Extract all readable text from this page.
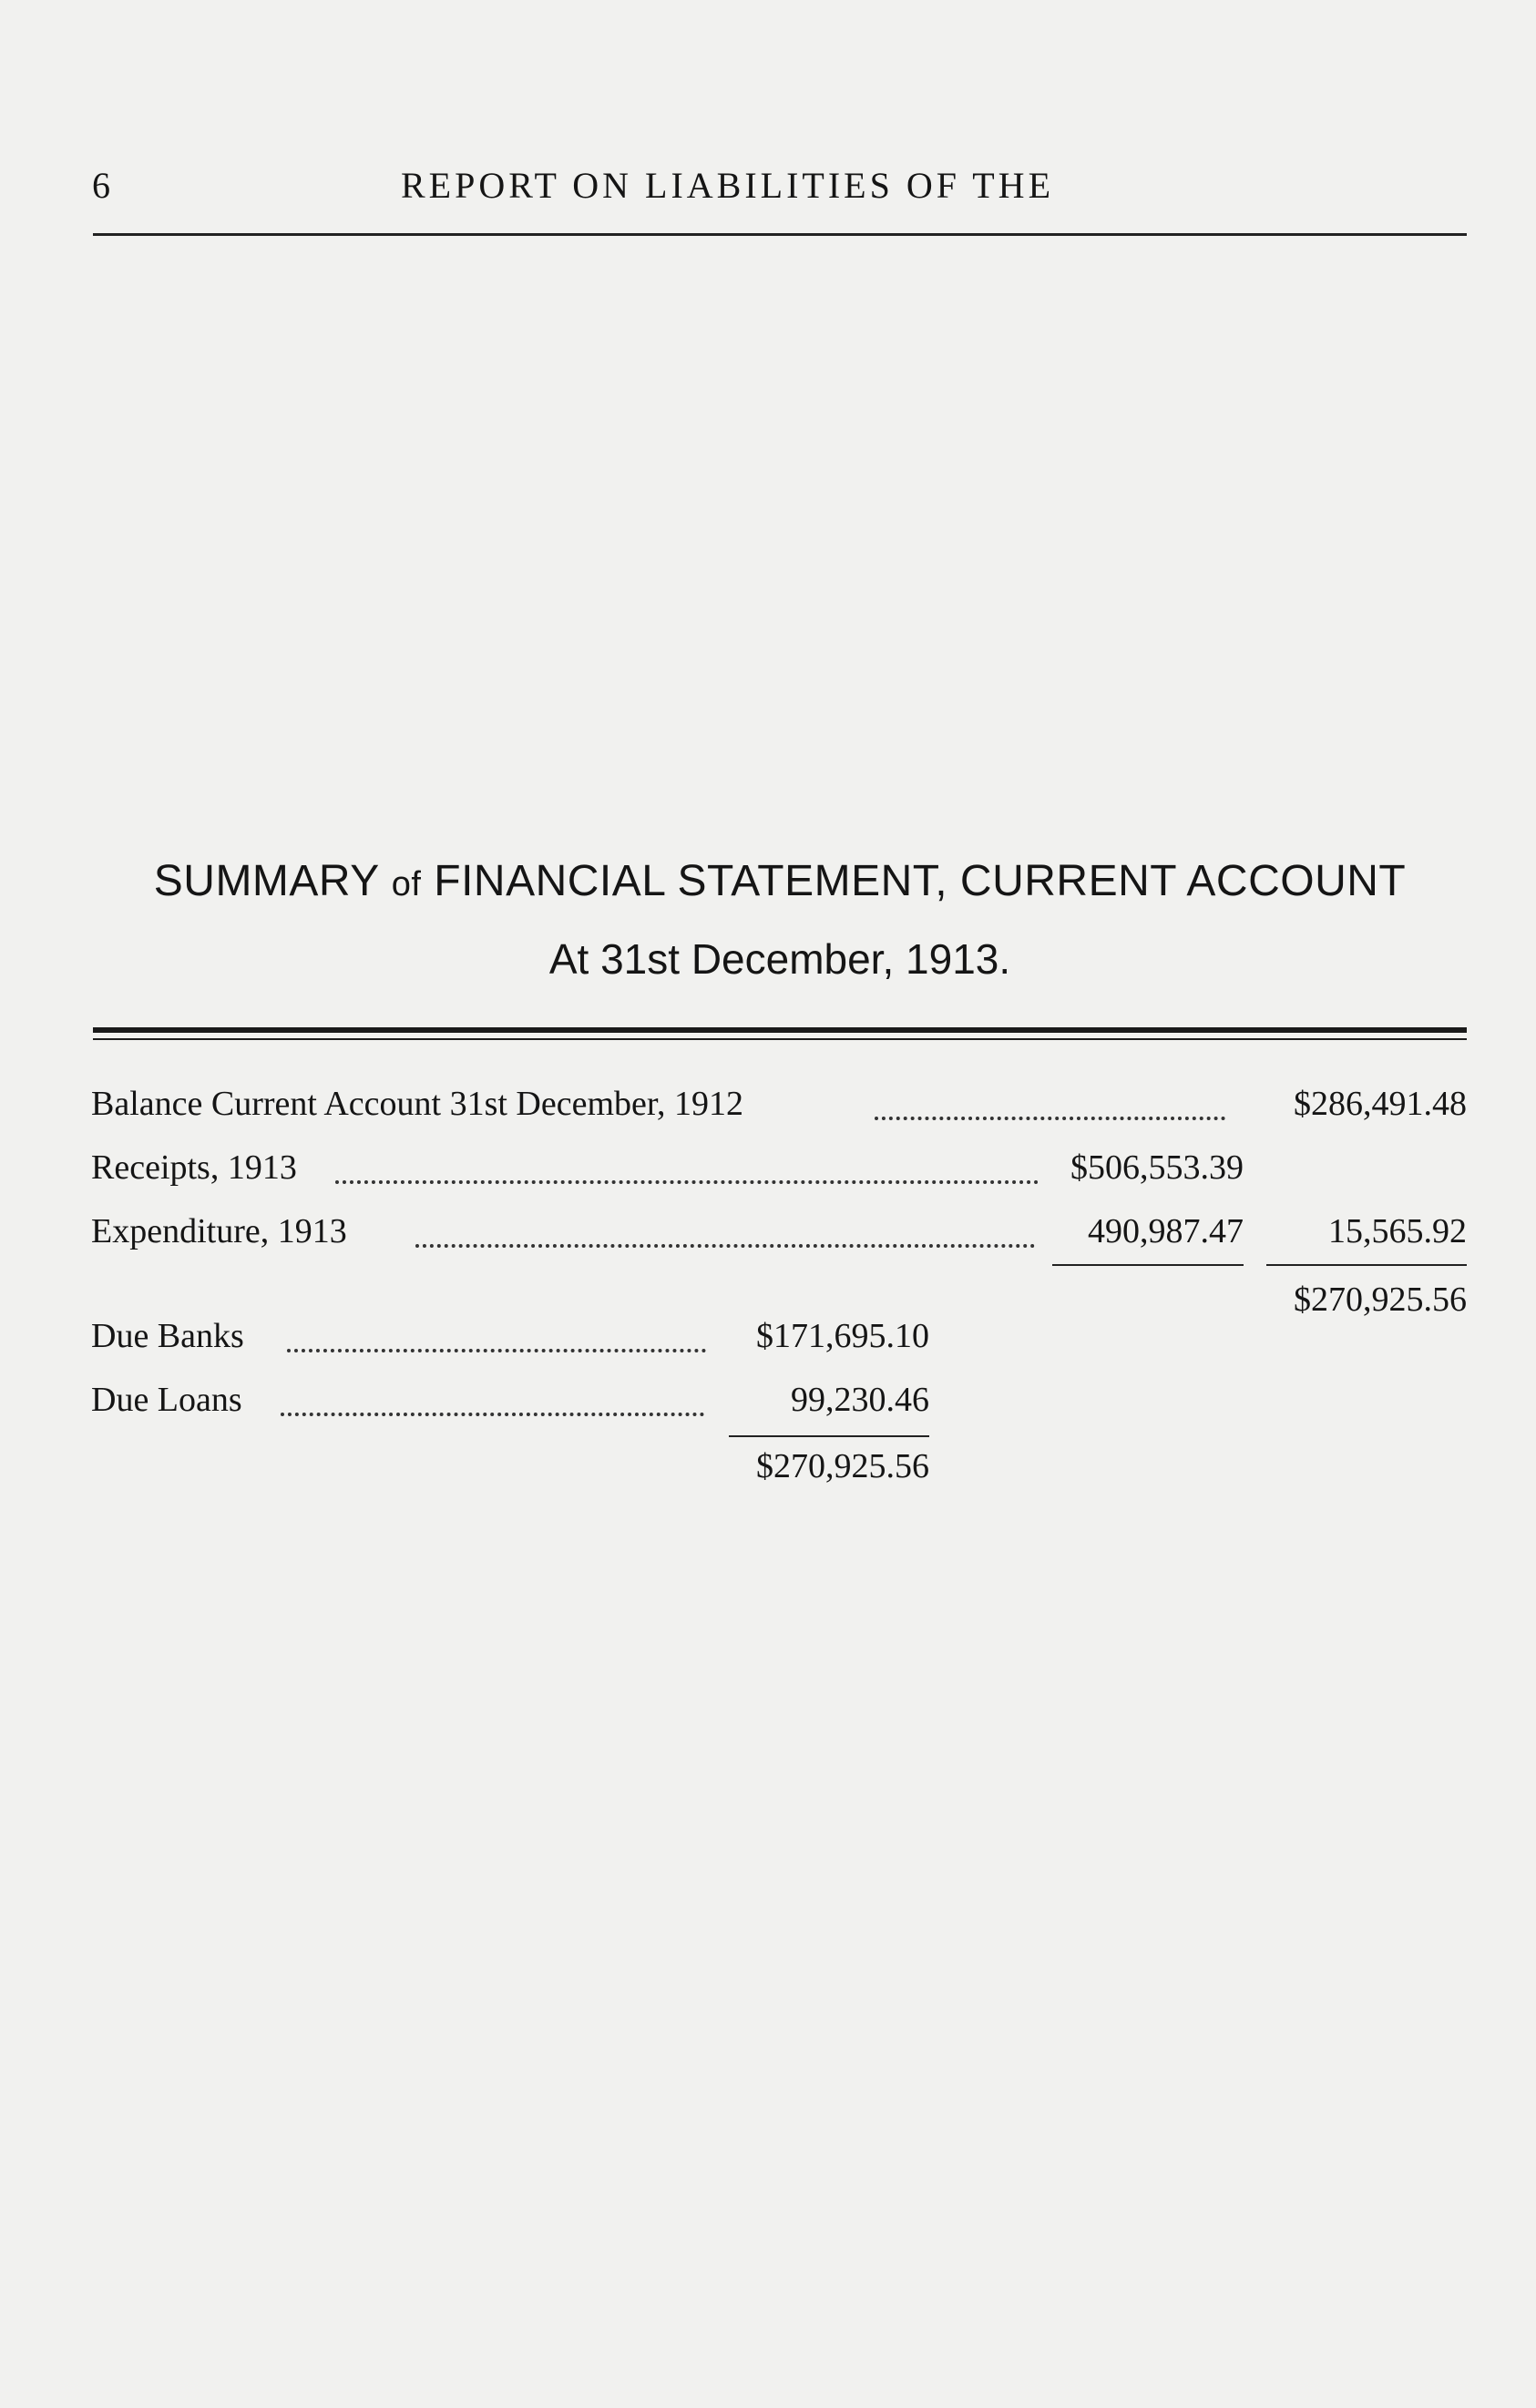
6	REPORT ON LIABILITIES OF THE
SUMMARY of FINANCIAL STATEMENT, CURRENT ACCOUNT
At 31st December, 1913.
Balance Current Account 31st December, 1912	$286,491.48
Receipts, 1913	$506,553.39
Expenditure, 1913	490,987.47	15,565.92
$270,925.56
Due Banks	$171,695.10
Due Loans	99,230.46
$270,925.56
